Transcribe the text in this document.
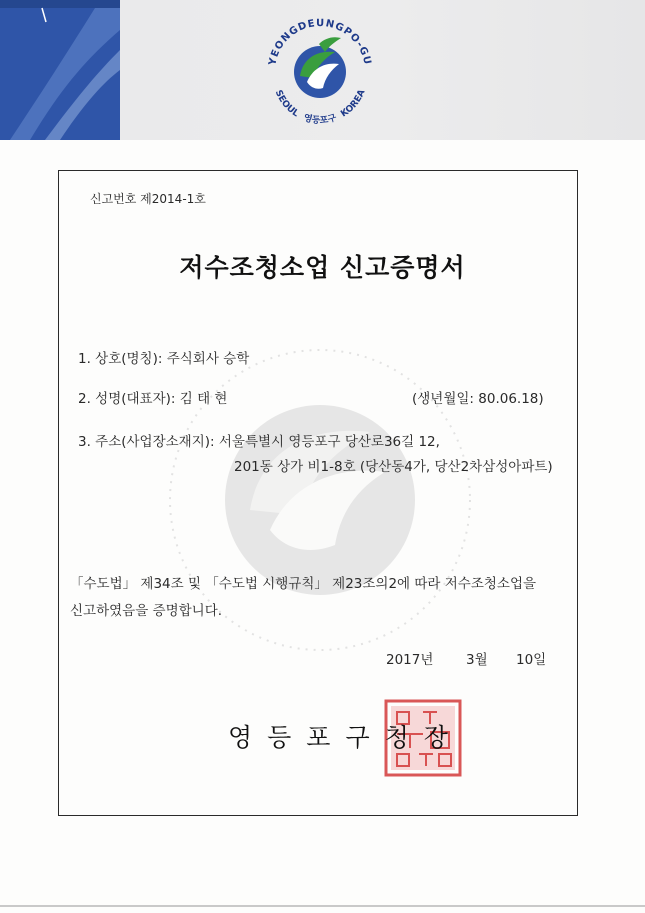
YEONGDEUNGPO-GU
SEOUL 영등포구 KOREA
신고번호 제2014-1호
저수조청소업 신고증명서
1. 상호(명칭): 주식회사 승학
2. 성명(대표자): 김 태 현	(생년월일: 80.06.18)
3. 주소(사업장소재지): 서울특별시 영등포구 당산로36길 12,
201동 상가 비1-8호 (당산동4가, 당산2차삼성아파트)
「수도법」 제34조 및 「수도법 시행규칙」 제23조의2에 따라 저수조청소업을
신고하였음을 증명합니다.
2017년 3월 10일
영등포구청장
